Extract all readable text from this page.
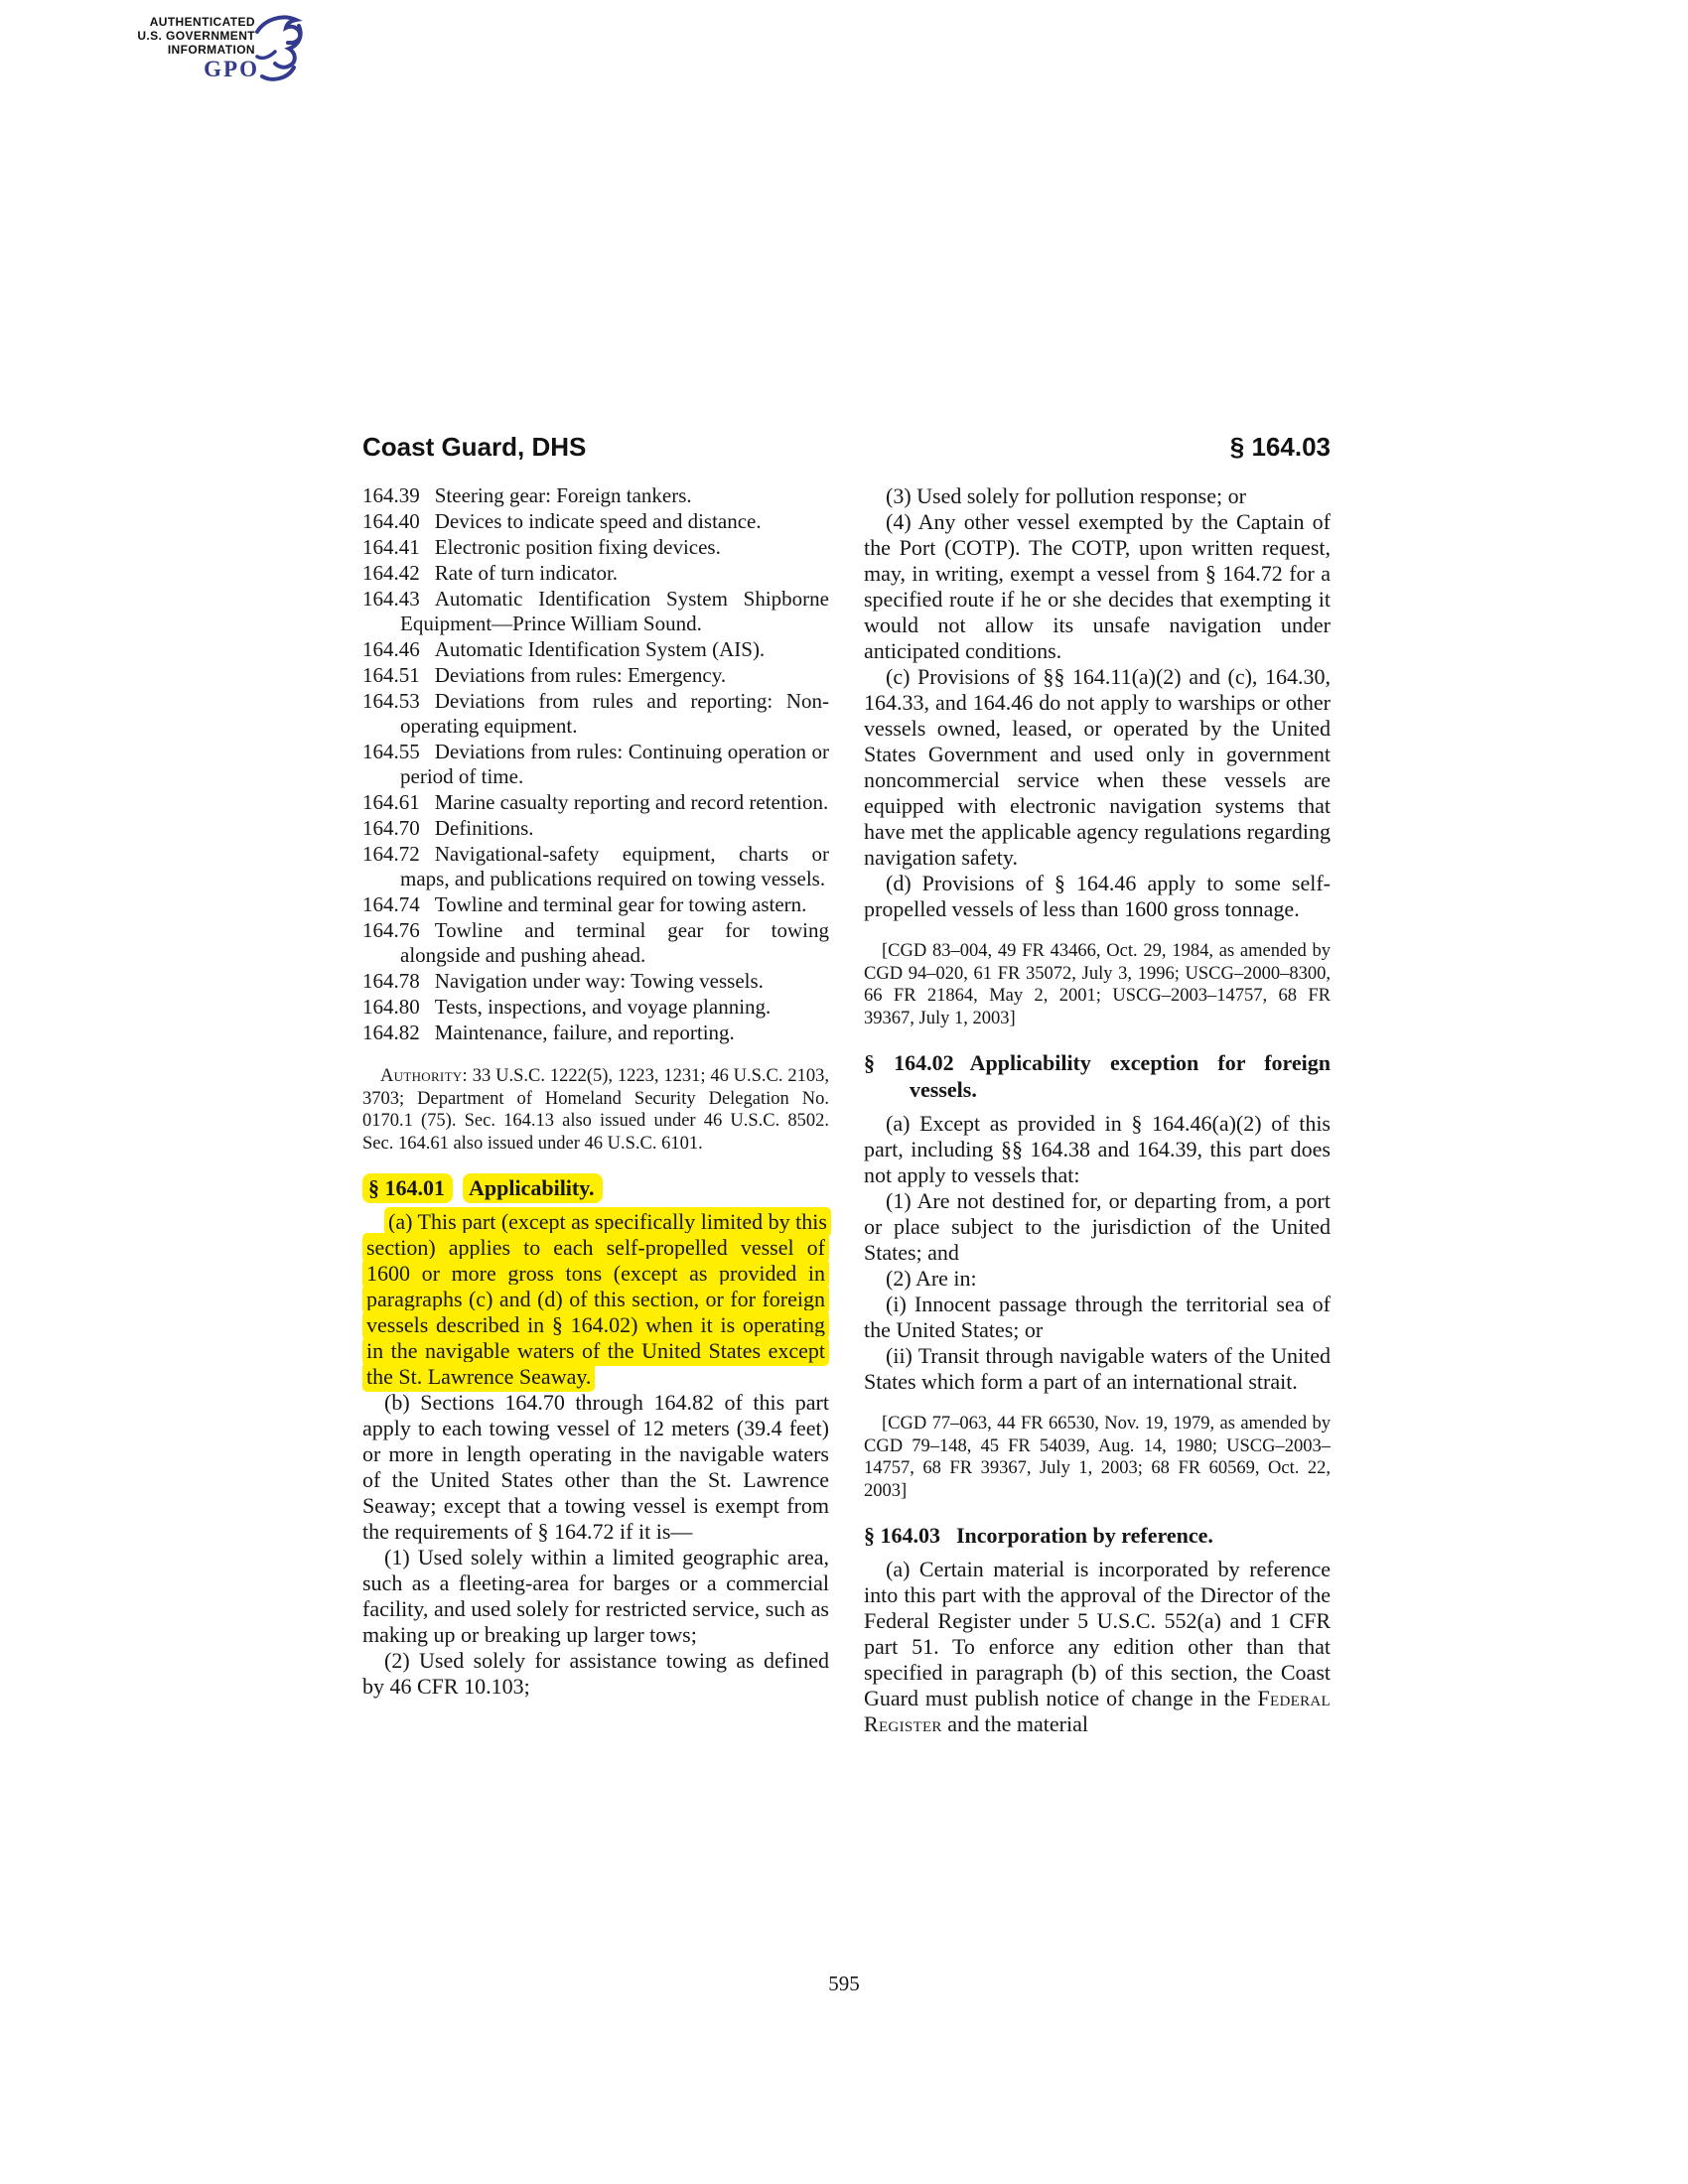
AUTHENTICATED
U.S. GOVERNMENT
INFORMATION
GPO
Coast Guard, DHS	§ 164.03
164.39 Steering gear: Foreign tankers.
164.40 Devices to indicate speed and distance.
164.41 Electronic position fixing devices.
164.42 Rate of turn indicator.
164.43 Automatic Identification System Shipborne Equipment—Prince William Sound.
164.46 Automatic Identification System (AIS).
164.51 Deviations from rules: Emergency.
164.53 Deviations from rules and reporting: Non-operating equipment.
164.55 Deviations from rules: Continuing operation or period of time.
164.61 Marine casualty reporting and record retention.
164.70 Definitions.
164.72 Navigational-safety equipment, charts or maps, and publications required on towing vessels.
164.74 Towline and terminal gear for towing astern.
164.76 Towline and terminal gear for towing alongside and pushing ahead.
164.78 Navigation under way: Towing vessels.
164.80 Tests, inspections, and voyage planning.
164.82 Maintenance, failure, and reporting.

Authority: 33 U.S.C. 1222(5), 1223, 1231; 46 U.S.C. 2103, 3703; Department of Homeland Security Delegation No. 0170.1 (75). Sec. 164.13 also issued under 46 U.S.C. 8502. Sec. 164.61 also issued under 46 U.S.C. 6101.

§ 164.01 Applicability.

(a) This part (except as specifically limited by this section) applies to each self-propelled vessel of 1600 or more gross tons (except as provided in paragraphs (c) and (d) of this section, or for foreign vessels described in § 164.02) when it is operating in the navigable waters of the United States except the St. Lawrence Seaway.

(b) Sections 164.70 through 164.82 of this part apply to each towing vessel of 12 meters (39.4 feet) or more in length operating in the navigable waters of the United States other than the St. Lawrence Seaway; except that a towing vessel is exempt from the requirements of § 164.72 if it is—

(1) Used solely within a limited geographic area, such as a fleeting-area for barges or a commercial facility, and used solely for restricted service, such as making up or breaking up larger tows;

(2) Used solely for assistance towing as defined by 46 CFR 10.103;

(3) Used solely for pollution response; or

(4) Any other vessel exempted by the Captain of the Port (COTP). The COTP, upon written request, may, in writing, exempt a vessel from § 164.72 for a specified route if he or she decides that exempting it would not allow its unsafe navigation under anticipated conditions.

(c) Provisions of §§ 164.11(a)(2) and (c), 164.30, 164.33, and 164.46 do not apply to warships or other vessels owned, leased, or operated by the United States Government and used only in government noncommercial service when these vessels are equipped with electronic navigation systems that have met the applicable agency regulations regarding navigation safety.

(d) Provisions of § 164.46 apply to some self-propelled vessels of less than 1600 gross tonnage.

[CGD 83–004, 49 FR 43466, Oct. 29, 1984, as amended by CGD 94–020, 61 FR 35072, July 3, 1996; USCG–2000–8300, 66 FR 21864, May 2, 2001; USCG–2003–14757, 68 FR 39367, July 1, 2003]

§ 164.02 Applicability exception for foreign vessels.

(a) Except as provided in § 164.46(a)(2) of this part, including §§ 164.38 and 164.39, this part does not apply to vessels that:

(1) Are not destined for, or departing from, a port or place subject to the jurisdiction of the United States; and

(2) Are in:

(i) Innocent passage through the territorial sea of the United States; or

(ii) Transit through navigable waters of the United States which form a part of an international strait.

[CGD 77–063, 44 FR 66530, Nov. 19, 1979, as amended by CGD 79–148, 45 FR 54039, Aug. 14, 1980; USCG–2003–14757, 68 FR 39367, July 1, 2003; 68 FR 60569, Oct. 22, 2003]

§ 164.03 Incorporation by reference.

(a) Certain material is incorporated by reference into this part with the approval of the Director of the Federal Register under 5 U.S.C. 552(a) and 1 CFR part 51. To enforce any edition other than that specified in paragraph (b) of this section, the Coast Guard must publish notice of change in the Federal Register and the material

595
